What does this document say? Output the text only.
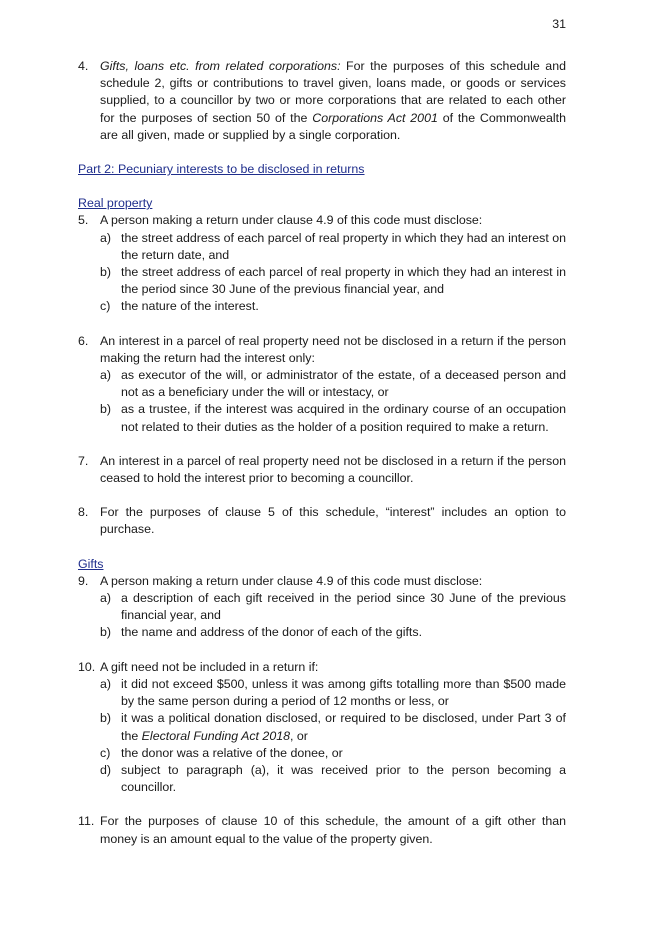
31
4. Gifts, loans etc. from related corporations: For the purposes of this schedule and schedule 2, gifts or contributions to travel given, loans made, or goods or services supplied, to a councillor by two or more corporations that are related to each other for the purposes of section 50 of the Corporations Act 2001 of the Commonwealth are all given, made or supplied by a single corporation.
Part 2: Pecuniary interests to be disclosed in returns
Real property
5. A person making a return under clause 4.9 of this code must disclose:
a) the street address of each parcel of real property in which they had an interest on the return date, and
b) the street address of each parcel of real property in which they had an interest in the period since 30 June of the previous financial year, and
c) the nature of the interest.
6. An interest in a parcel of real property need not be disclosed in a return if the person making the return had the interest only:
a) as executor of the will, or administrator of the estate, of a deceased person and not as a beneficiary under the will or intestacy, or
b) as a trustee, if the interest was acquired in the ordinary course of an occupation not related to their duties as the holder of a position required to make a return.
7. An interest in a parcel of real property need not be disclosed in a return if the person ceased to hold the interest prior to becoming a councillor.
8. For the purposes of clause 5 of this schedule, “interest” includes an option to purchase.
Gifts
9. A person making a return under clause 4.9 of this code must disclose:
a) a description of each gift received in the period since 30 June of the previous financial year, and
b) the name and address of the donor of each of the gifts.
10. A gift need not be included in a return if:
a) it did not exceed $500, unless it was among gifts totalling more than $500 made by the same person during a period of 12 months or less, or
b) it was a political donation disclosed, or required to be disclosed, under Part 3 of the Electoral Funding Act 2018, or
c) the donor was a relative of the donee, or
d) subject to paragraph (a), it was received prior to the person becoming a councillor.
11. For the purposes of clause 10 of this schedule, the amount of a gift other than money is an amount equal to the value of the property given.
